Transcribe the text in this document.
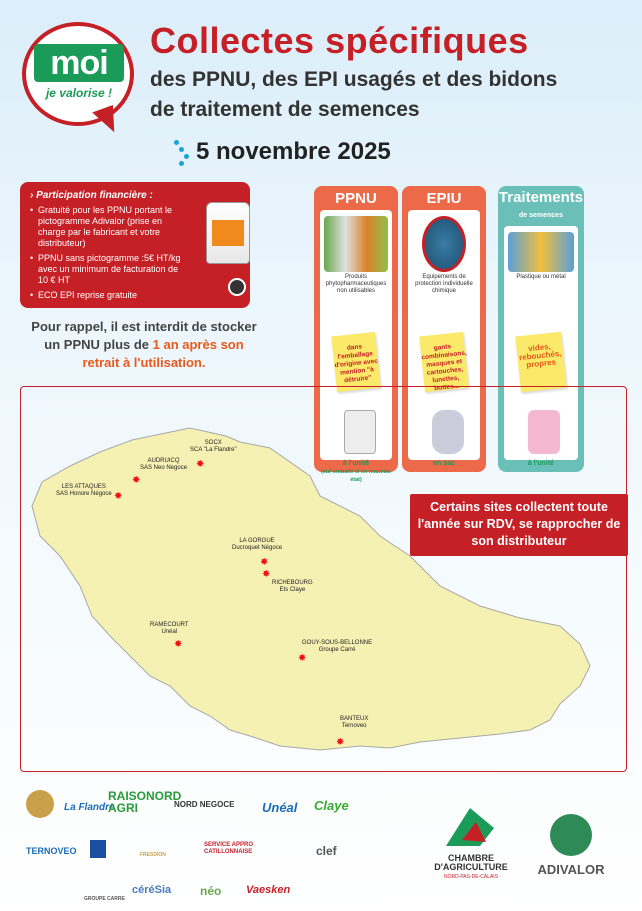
moi
je valorise !
Collectes spécifiques
des PPNU, des EPI usagés et des bidons
de traitement de semences
5 novembre 2025
› Participation financière :
• Gratuité pour les PPNU portant le pictogramme Adivalor (prise en charge par le fabricant et votre distributeur)
• PPNU sans pictogramme :5€ HT/kg avec un minimum de facturation de 10 € HT
• ECO EPI reprise gratuite
Pour rappel, il est interdit de stocker un PPNU plus de 1 an après son retrait à l'utilisation.
PPNU
Produits phytopharmaceutiques non utilisables
dans l'emballage d'origine avec mention "à détruire"
à l'unité
(sur emballé si en mauvais état)
EPIU
Equipements de protection individuelle chimique
gants combinaisons, masques et cartouches, lunettes, bottes...
en sac
Traitements
de semences

Plastique ou métal
vides, rebouchés, propres
à l'unité
SOCX
SCA "La Flandre"
✸
AUDRUICQ
SAS Neo Negoce
✸
LES ATTAQUES
SAS Honore Négoce ✸
LA GORGUE
Ducroquet Négoce
✸
RICHEBOURG
Ets Claye
✸
RAMECOURT
Unéal
✸	GOUY-SOUS-BELLONNE
Groupe Carré
✸
BANTEUX
Ternoveo
✸
Certains sites collectent toute l'année sur RDV, se rapprocher de son distributeur
La Flandre
RAISONORD AGRI	NORD NEGOCE Unéal Claye
TERNOVEO	FRESDION
SERVICE APPRO CATILLONNAISE	clef
GROUPE CARRE
céréSia néo Vaesken
CHAMBRE D'AGRICULTURE
NORD-PAS-DE-CALAIS	ADIVALOR
